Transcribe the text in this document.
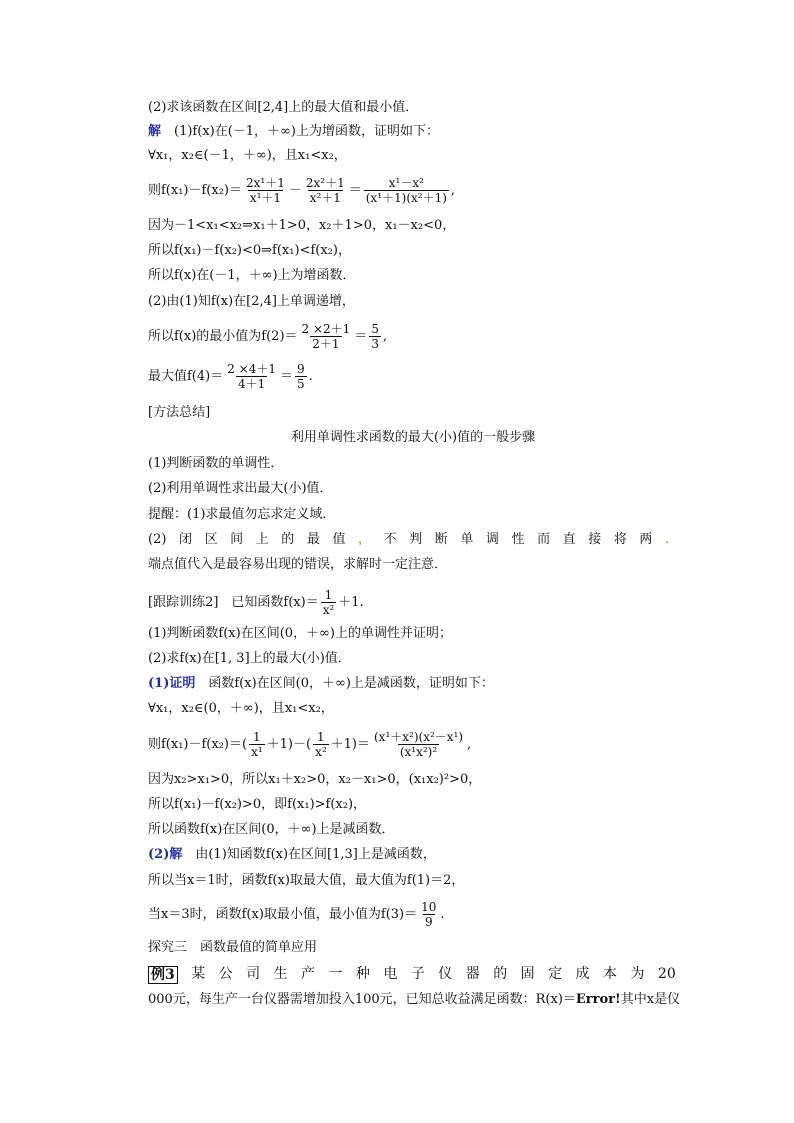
(2)求该函数在区间[2,4]上的最大值和最小值．
解　(1)f(x)在(－1，＋∞)上为增函数，证明如下：
∀x₁，x₂∈(－1，＋∞)，且x₁<x₂，
则$f(x_1)-f(x_2)= \frac{\text{2x¹＋1}}{\text{x¹＋1}} - \frac{\text{2x²＋1}}{\text{x²＋1}} = \frac{\text{x¹－x²}}{\text{(x¹＋1)(x²＋1)}}$ ,
因为－1<x₁<x₂⇒x₁＋1>0，x₂＋1>0，x₁－x₂<0，
所以f(x₁)－f(x₂)<0⇒f(x₁)<f(x₂)，
所以f(x)在(－1，＋∞)上为增函数．
(2)由(1)知f(x)在[2,4]上单调递增，
所以f(x)的最小值为$f(2)= \frac{2 \times 2+1}{2+1} = \frac{5}{3}$ ,
最大值$f(4)= \frac{2 \times 4+1}{4+1} = \frac{9}{5}$ .
[方法总结]
利用单调性求函数的最大(小)值的一般步骤
(1)判断函数的单调性．
(2)利用单调性求出最大(小)值．
提醒：(1)求最值勿忘求定义域．
(2) 闭 区 间 上 的 最 值 ， 不 判 断 单 调 性 而 直 接 将 两 ．
端点值代入是最容易出现的错误，求解时一定注意．
[跟踪训练2]　已知函数$f(x)= \frac{1}{\text{x²}} +1$.
(1)判断函数f(x)在区间(0，＋∞)上的单调性并证明；
(2)求f(x)在[1, 3]上的最大(小)值．
(1)证明　函数f(x)在区间(0，＋∞)上是减函数，证明如下：
∀x₁，x₂∈(0，＋∞)，且x₁<x₂，
则$f(x_1)-f(x_2)=( \frac{1}{\text{x¹}} +1)-( \frac{1}{\text{x²}} +1)= \frac{\text{(x¹＋x²)(x²－x¹)}}{\text{(x¹x²)²}}$ ,
因为x₂>x₁>0，所以x₁＋x₂>0，x₂－x₁>0，(x₁x₂)²>0，
所以f(x₁)－f(x₂)>0，即f(x₁)>f(x₂)，
所以函数f(x)在区间(0，＋∞)上是减函数．
(2)解　由(1)知函数f(x)在区间[1,3]上是减函数，
所以当x＝1时，函数f(x)取最大值，最大值为f(1)＝2，
当x＝3时，函数f(x)取最小值，最小值为$f(3)= \frac{10}{9}$ .
探究三　函数最值的简单应用
例3 某 公 司 生 产 一 种 电 子 仪 器 的 固 定 成 本 为 20
000元，每生产一台仪器需增加投入100元，已知总收益满足函数：R(x)＝Error!其中x是仪
